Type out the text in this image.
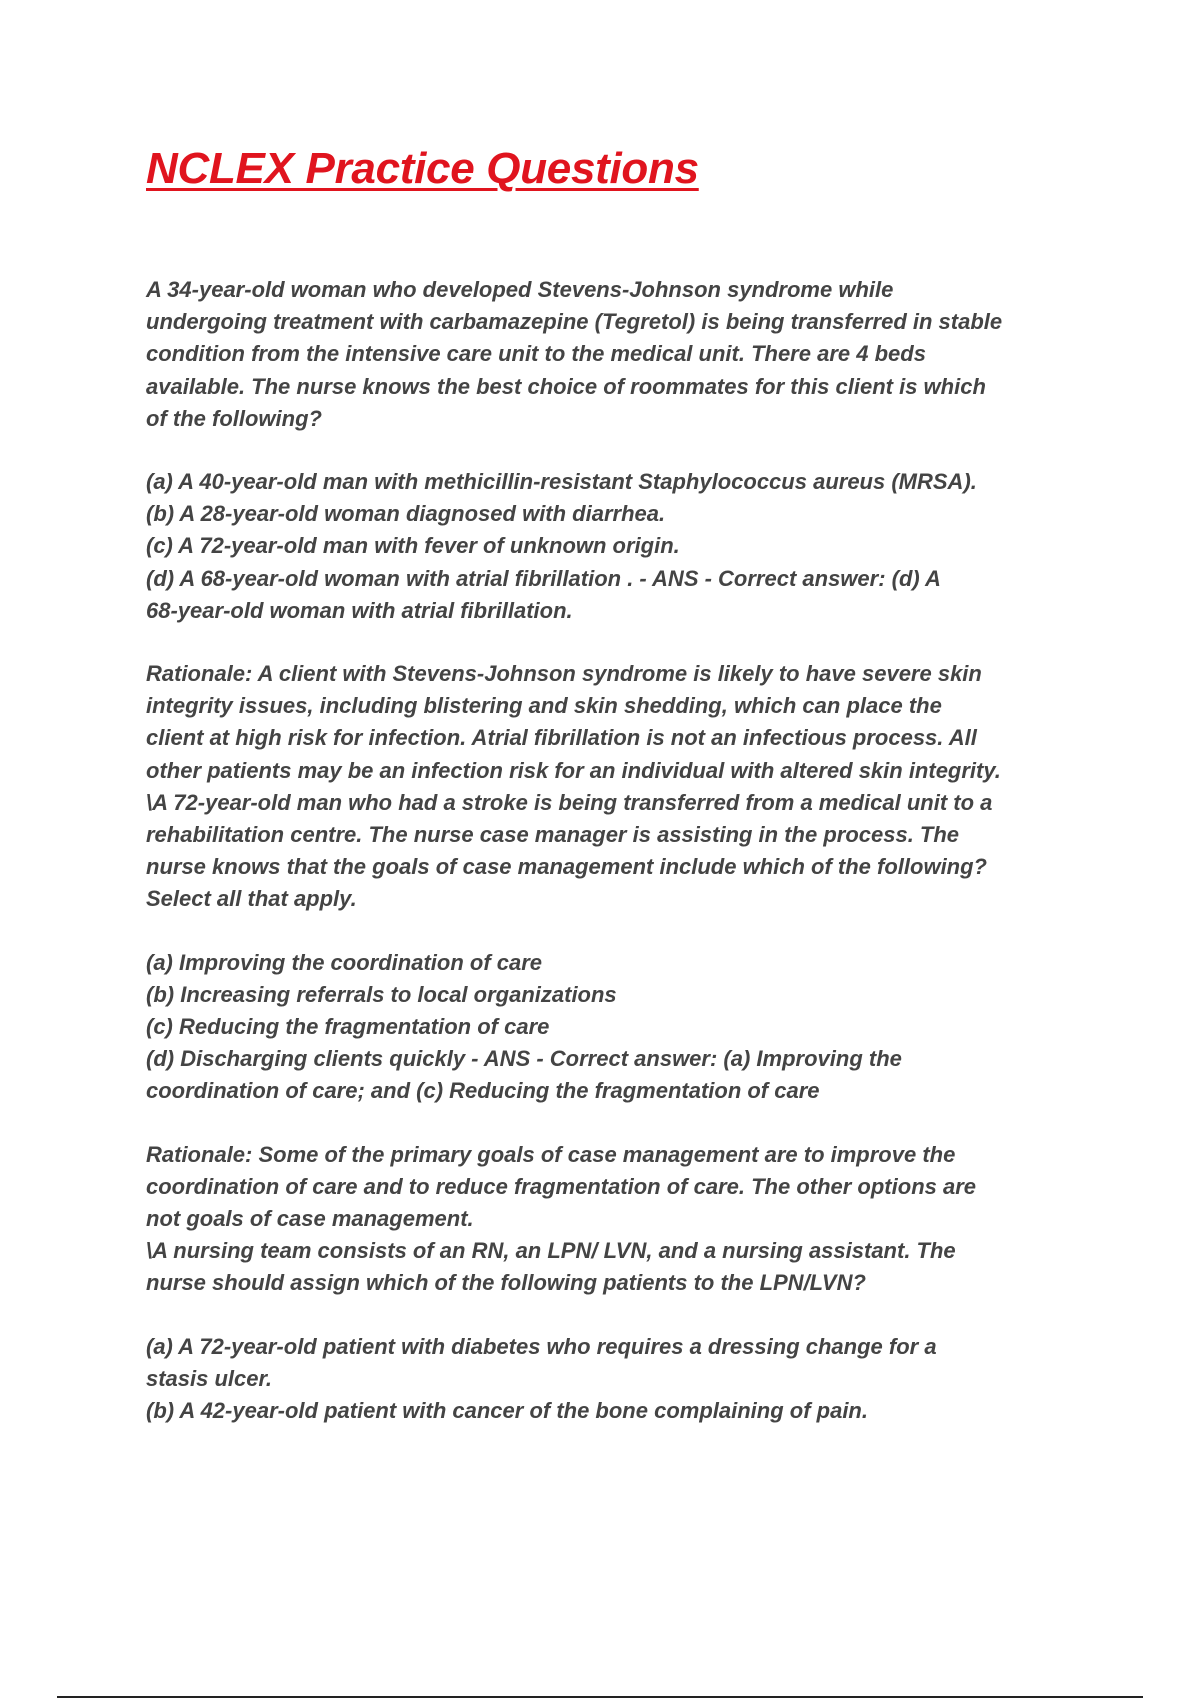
NCLEX Practice Questions
A 34-year-old woman who developed Stevens-Johnson syndrome while
undergoing treatment with carbamazepine (Tegretol) is being transferred in stable
condition from the intensive care unit to the medical unit. There are 4 beds
available. The nurse knows the best choice of roommates for this client is which
of the following?
(a) A 40-year-old man with methicillin-resistant Staphylococcus aureus (MRSA).
(b) A 28-year-old woman diagnosed with diarrhea.
(c) A 72-year-old man with fever of unknown origin.
(d) A 68-year-old woman with atrial fibrillation . - ANS - Correct answer: (d) A
68-year-old woman with atrial fibrillation.
Rationale: A client with Stevens-Johnson syndrome is likely to have severe skin
integrity issues, including blistering and skin shedding, which can place the
client at high risk for infection. Atrial fibrillation is not an infectious process. All
other patients may be an infection risk for an individual with altered skin integrity.
\A 72-year-old man who had a stroke is being transferred from a medical unit to a
rehabilitation centre. The nurse case manager is assisting in the process. The
nurse knows that the goals of case management include which of the following?
Select all that apply.
(a) Improving the coordination of care
(b) Increasing referrals to local organizations
(c) Reducing the fragmentation of care
(d) Discharging clients quickly - ANS - Correct answer: (a) Improving the
coordination of care; and (c) Reducing the fragmentation of care
Rationale: Some of the primary goals of case management are to improve the
coordination of care and to reduce fragmentation of care. The other options are
not goals of case management.
\A nursing team consists of an RN, an LPN/ LVN, and a nursing assistant. The
nurse should assign which of the following patients to the LPN/LVN?
(a) A 72-year-old patient with diabetes who requires a dressing change for a
stasis ulcer.
(b) A 42-year-old patient with cancer of the bone complaining of pain.
